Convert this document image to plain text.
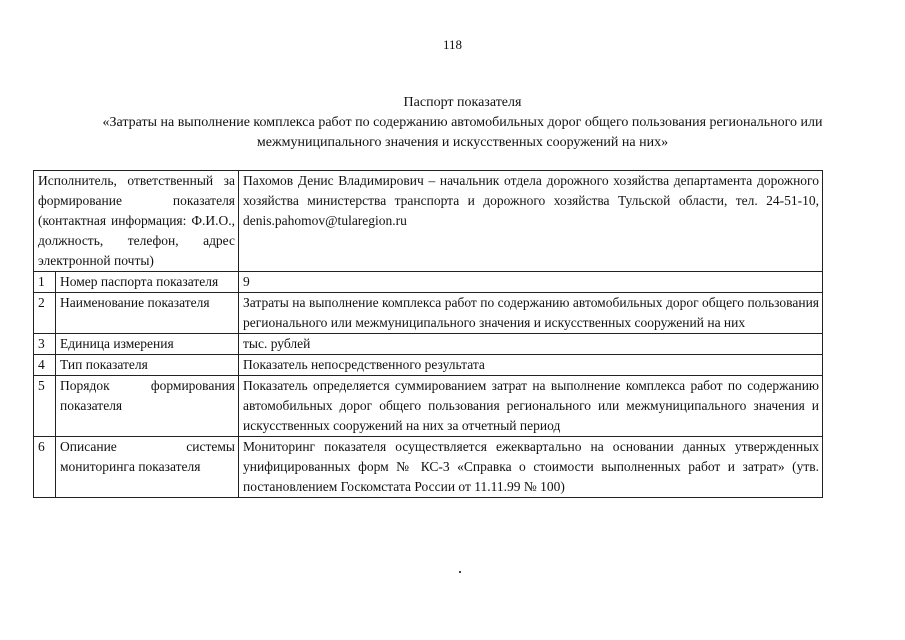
118
Паспорт показателя
«Затраты на выполнение комплекса работ по содержанию автомобильных дорог общего пользования регионального или
межмуниципального значения и искусственных сооружений на них»
Исполнитель, ответственный за формирование показателя (контактная информация: Ф.И.О., должность, телефон, адрес электронной почты)		Пахомов Денис Владимирович – начальник отдела дорожного хозяйства департамента дорожного хозяйства министерства транспорта и дорожного хозяйства Тульской области, тел. 24-51-10, denis.pahomov@tularegion.ru
1	Номер паспорта показателя	9
2	Наименование показателя	Затраты на выполнение комплекса работ по содержанию автомобильных дорог общего пользования регионального или межмуниципального значения и искусственных сооружений на них
3	Единица измерения	тыс. рублей
4	Тип показателя	Показатель непосредственного результата
5	Порядок формирования показателя	Показатель определяется суммированием затрат на выполнение комплекса работ по содержанию автомобильных дорог общего пользования регионального или межмуниципального значения и искусственных сооружений на них за отчетный период
6	Описание системы мониторинга показателя	Мониторинг показателя осуществляется ежеквартально на основании данных утвержденных унифицированных форм № КС-3 «Справка о стоимости выполненных работ и затрат» (утв. постановлением Госкомстата России от 11.11.99 № 100)
